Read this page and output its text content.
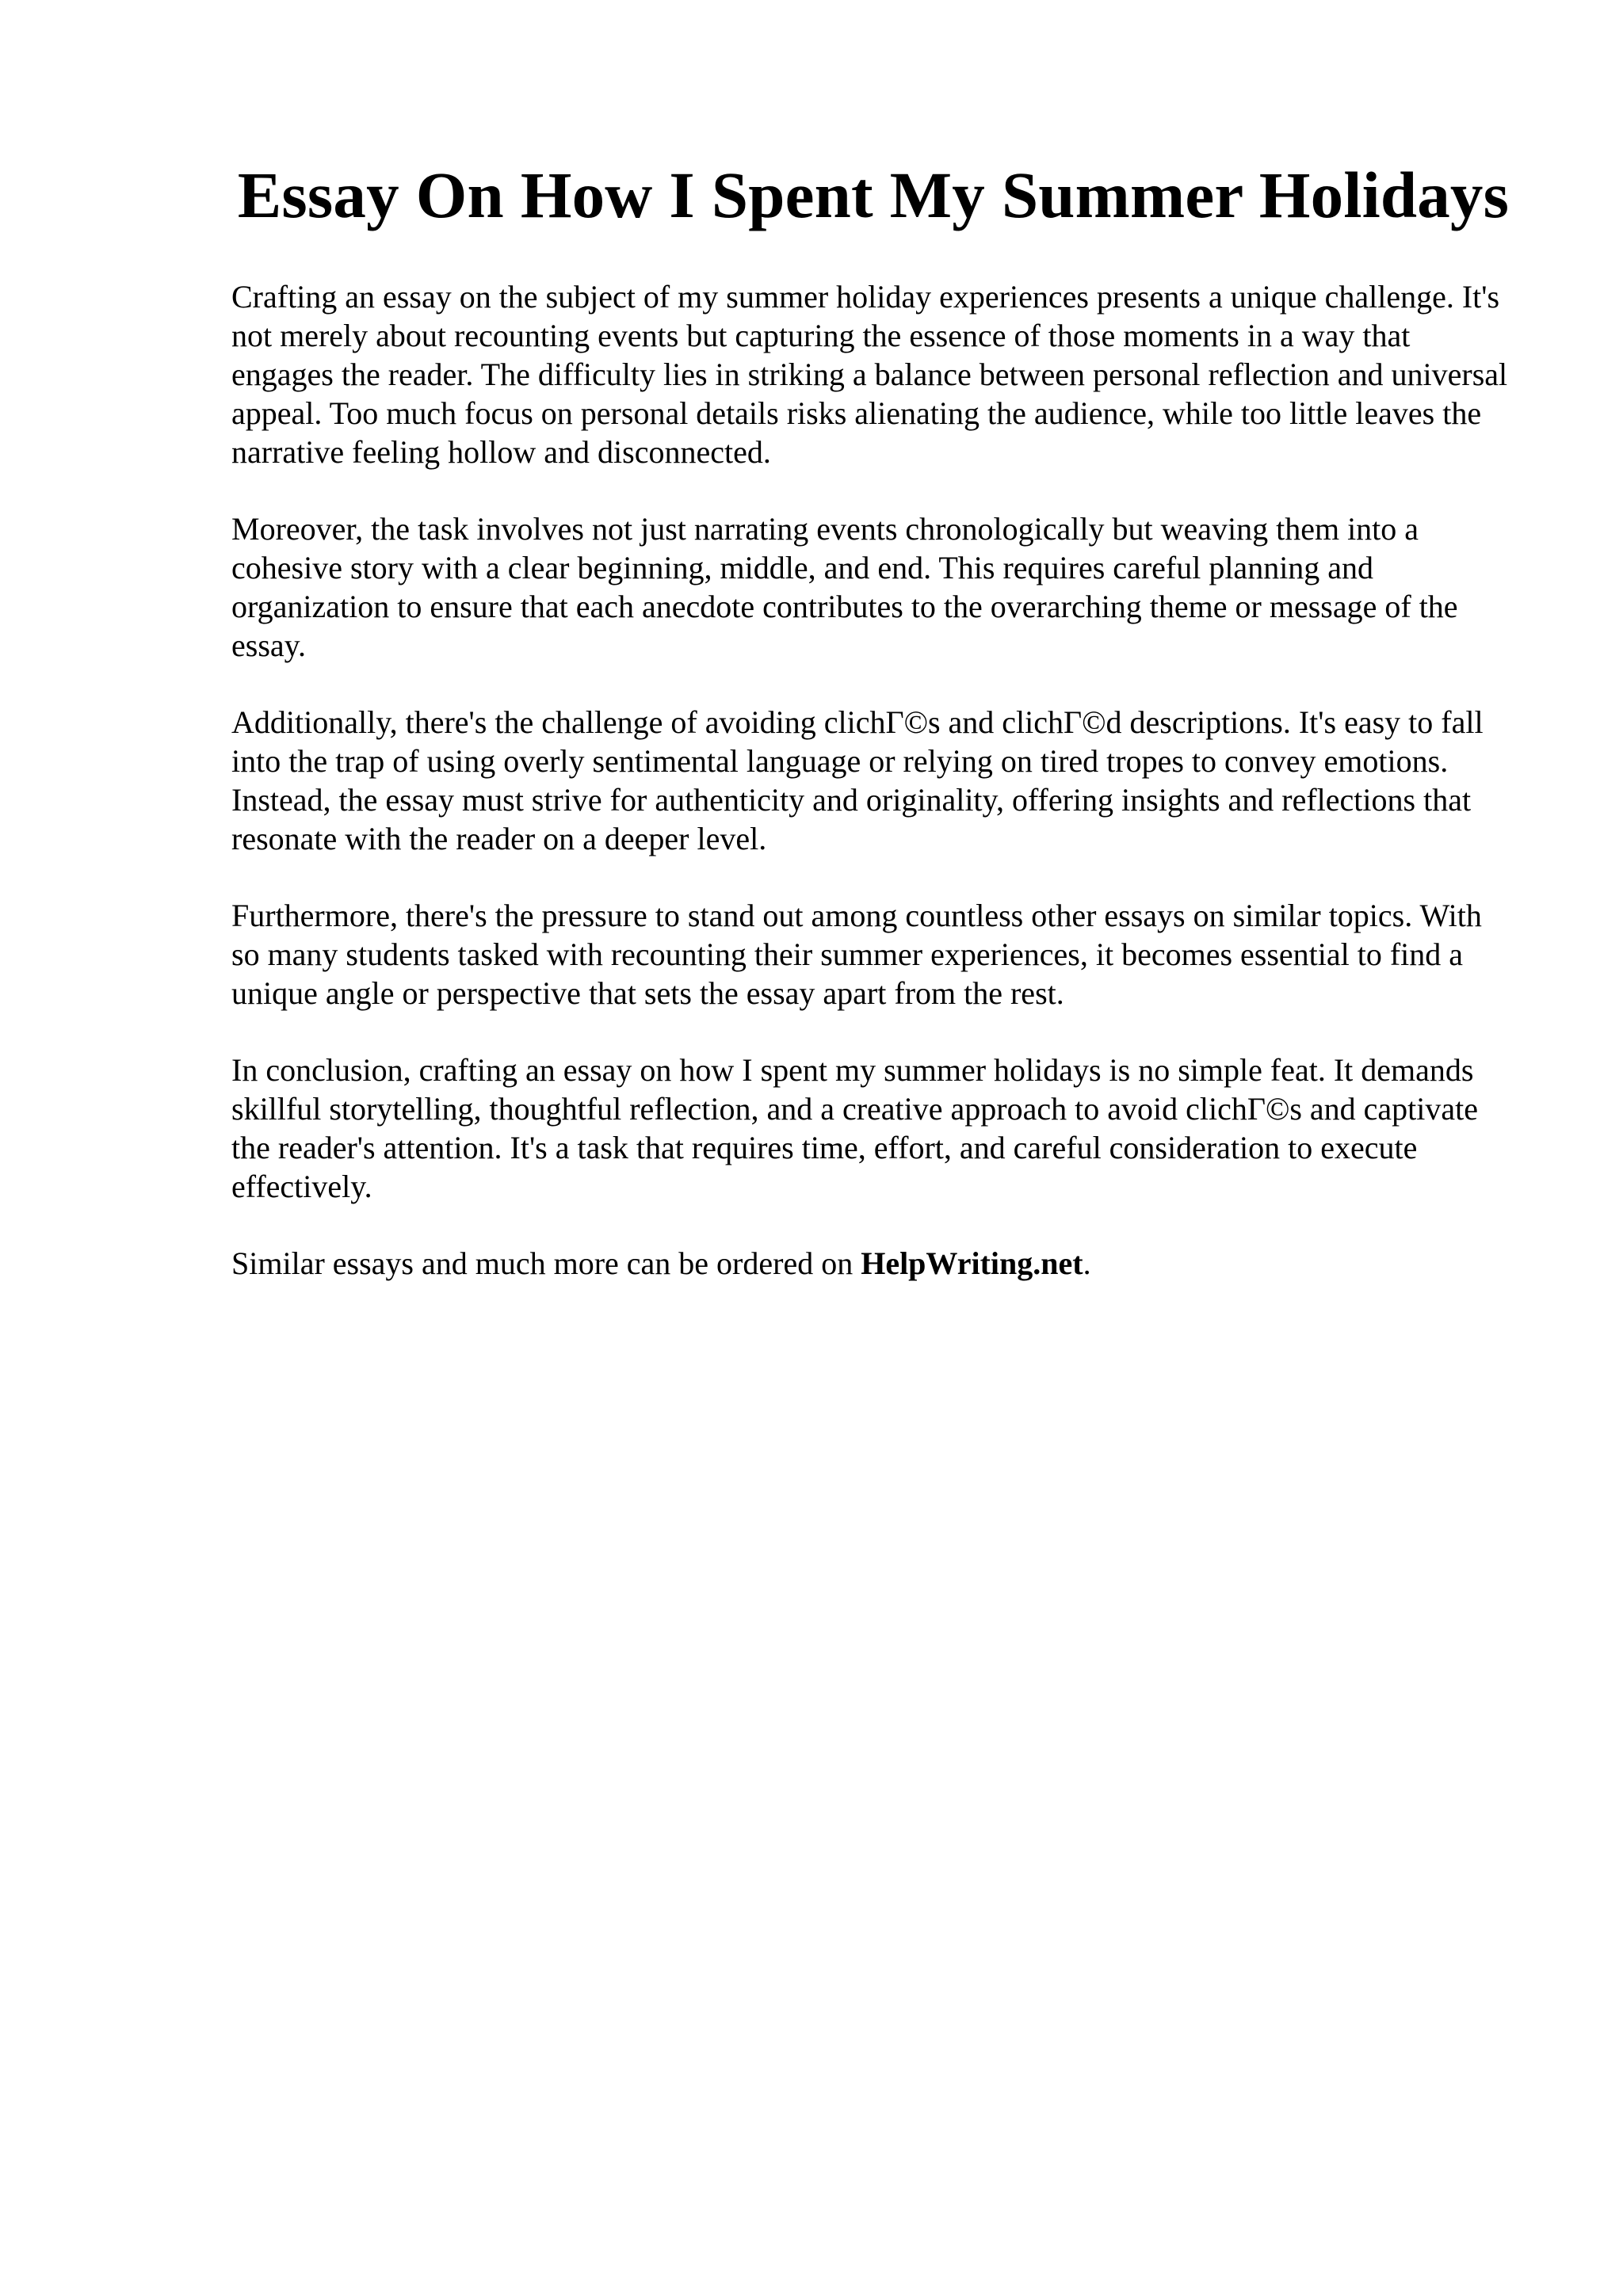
Essay On How I Spent My Summer Holidays

Crafting an essay on the subject of my summer holiday experiences presents a unique challenge. It's not merely about recounting events but capturing the essence of those moments in a way that engages the reader. The difficulty lies in striking a balance between personal reflection and universal appeal. Too much focus on personal details risks alienating the audience, while too little leaves the narrative feeling hollow and disconnected.

Moreover, the task involves not just narrating events chronologically but weaving them into a cohesive story with a clear beginning, middle, and end. This requires careful planning and organization to ensure that each anecdote contributes to the overarching theme or message of the essay.

Additionally, there's the challenge of avoiding clichΓ©s and clichΓ©d descriptions. It's easy to fall into the trap of using overly sentimental language or relying on tired tropes to convey emotions. Instead, the essay must strive for authenticity and originality, offering insights and reflections that resonate with the reader on a deeper level.

Furthermore, there's the pressure to stand out among countless other essays on similar topics. With so many students tasked with recounting their summer experiences, it becomes essential to find a unique angle or perspective that sets the essay apart from the rest.

In conclusion, crafting an essay on how I spent my summer holidays is no simple feat. It demands skillful storytelling, thoughtful reflection, and a creative approach to avoid clichΓ©s and captivate the reader's attention. It's a task that requires time, effort, and careful consideration to execute effectively.

Similar essays and much more can be ordered on HelpWriting.net.
